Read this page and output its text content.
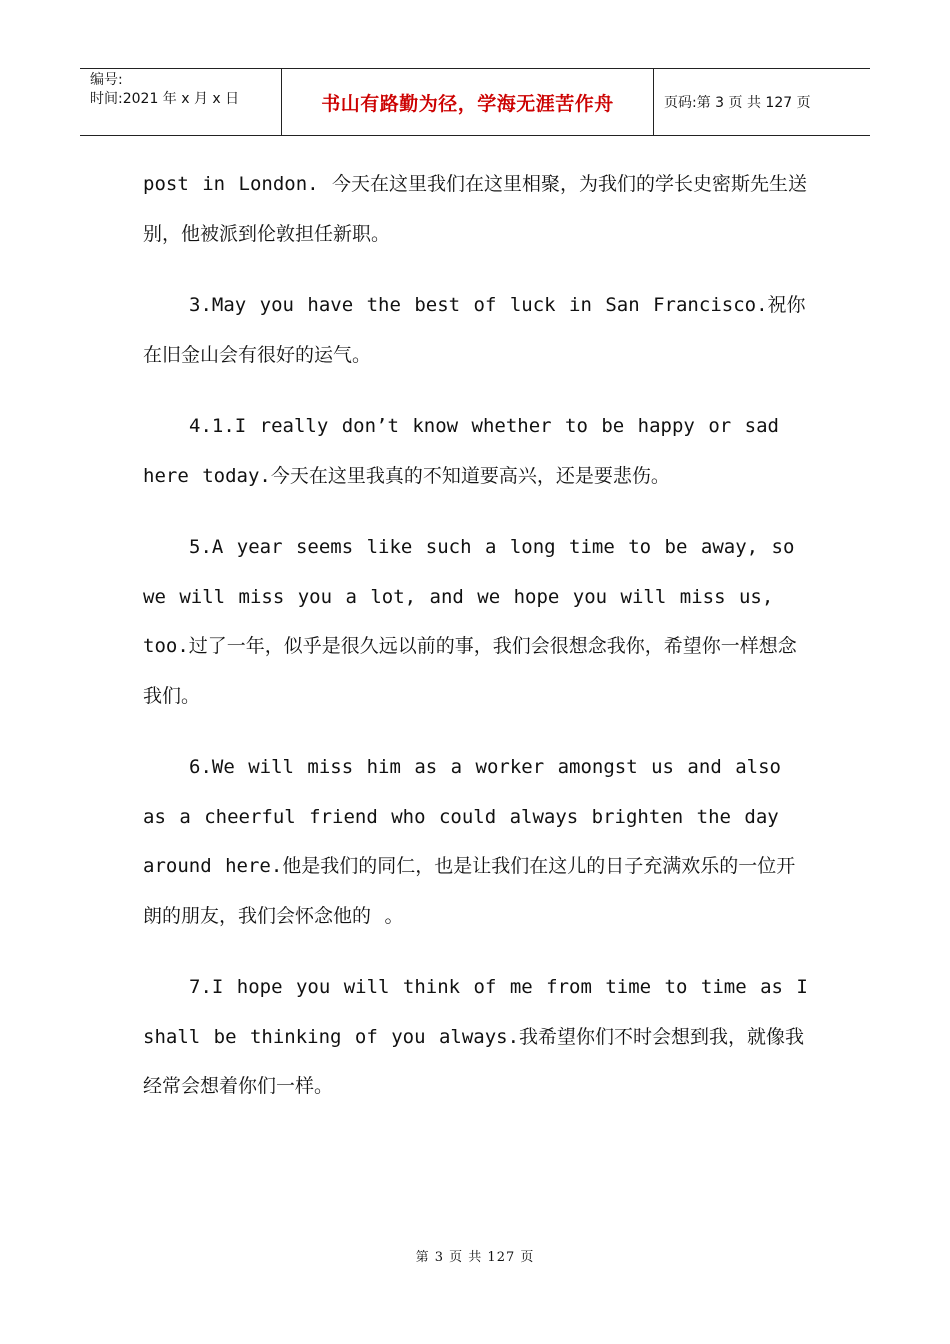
编号:
时间:2021 年 x 月 x 日	书山有路勤为径，学海无涯苦作舟	页码:第 3 页 共 127 页

post in London. 今天在这里我们在这里相聚，为我们的学长史密斯先生送别，他被派到伦敦担任新职。

3.May you have the best of luck in San Francisco.祝你在旧金山会有很好的运气。

4.1.I really don’t know whether to be happy or sad here today.今天在这里我真的不知道要高兴，还是要悲伤。

5.A year seems like such a long time to be away, so we will miss you a lot, and we hope you will miss us, too.过了一年，似乎是很久远以前的事，我们会很想念我你，希望你一样想念我们。

6.We will miss him as a worker amongst us and also as a cheerful friend who could always brighten the day around here.他是我们的同仁，也是让我们在这儿的日子充满欢乐的一位开朗的朋友，我们会怀念他的 。

7.I hope you will think of me from time to time as I shall be thinking of you always.我希望你们不时会想到我，就像我经常会想着你们一样。

第 3 页 共 127 页
